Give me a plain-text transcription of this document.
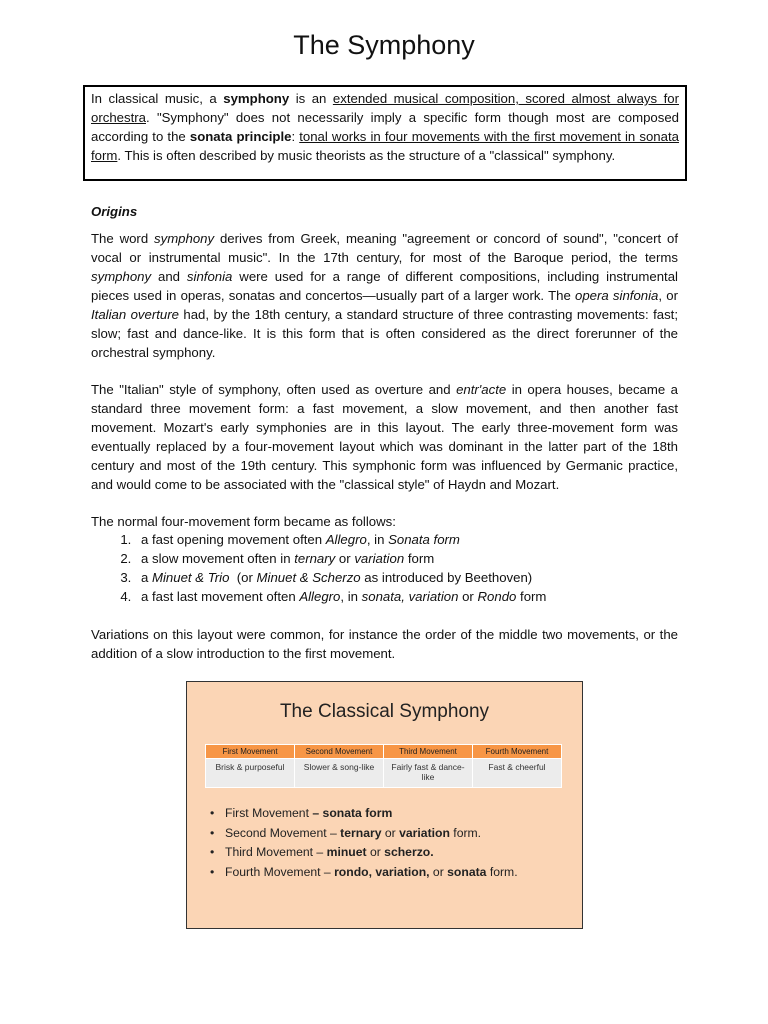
The Symphony

In classical music, a symphony is an extended musical composition, scored almost always for orchestra. "Symphony" does not necessarily imply a specific form though most are composed according to the sonata principle: tonal works in four movements with the first movement in sonata form. This is often described by music theorists as the structure of a "classical" symphony.

Origins
The word symphony derives from Greek, meaning "agreement or concord of sound", "concert of vocal or instrumental music". In the 17th century, for most of the Baroque period, the terms symphony and sinfonia were used for a range of different compositions, including instrumental pieces used in operas, sonatas and concertos—usually part of a larger work. The opera sinfonia, or Italian overture had, by the 18th century, a standard structure of three contrasting movements: fast; slow; fast and dance-like. It is this form that is often considered as the direct forerunner of the orchestral symphony.
The "Italian" style of symphony, often used as overture and entr'acte in opera houses, became a standard three movement form: a fast movement, a slow movement, and then another fast movement. Mozart's early symphonies are in this layout. The early three-movement form was eventually replaced by a four-movement layout which was dominant in the latter part of the 18th century and most of the 19th century. This symphonic form was influenced by Germanic practice, and would come to be associated with the "classical style" of Haydn and Mozart.
The normal four-movement form became as follows:
1. a fast opening movement often Allegro, in Sonata form
2. a slow movement often in ternary or variation form
3. a Minuet & Trio  (or Minuet & Scherzo as introduced by Beethoven)
4. a fast last movement often Allegro, in sonata, variation or Rondo form
Variations on this layout were common, for instance the order of the middle two movements, or the addition of a slow introduction to the first movement.
The Classical Symphony
First Movement	Second Movement	Third Movement	Fourth Movement
Brisk & purposeful	Slower & song-like	Fairly fast & dance-like	Fast & cheerful
• First Movement – sonata form
• Second Movement – ternary or variation form.
• Third Movement – minuet or scherzo.
• Fourth Movement – rondo, variation, or sonata form.
